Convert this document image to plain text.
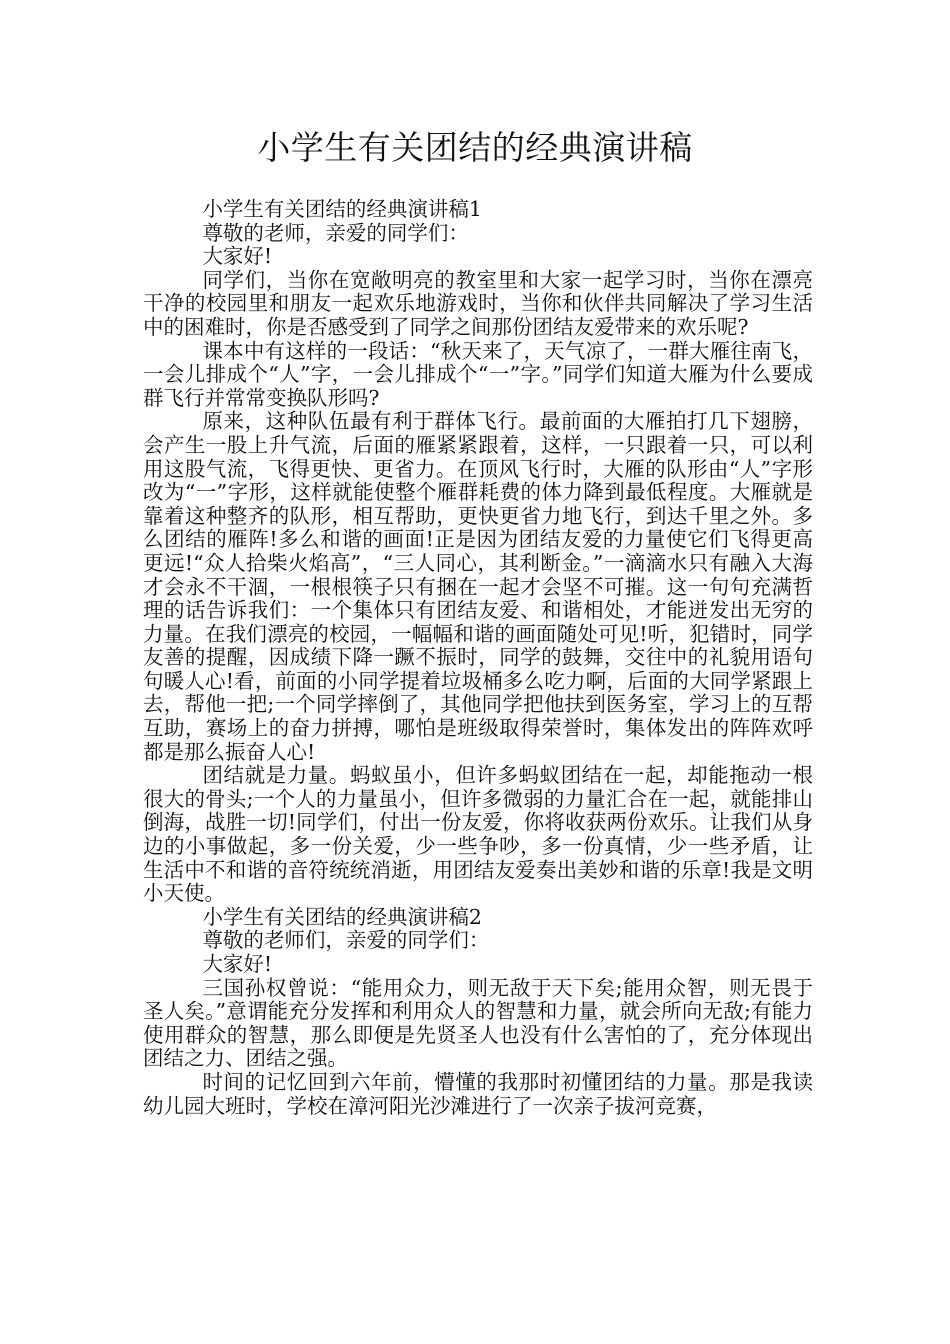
小学生有关团结的经典演讲稿

小学生有关团结的经典演讲稿1

尊敬的老师，亲爱的同学们：

大家好!

同学们，当你在宽敞明亮的教室里和大家一起学习时，当你在漂亮干净的校园里和朋友一起欢乐地游戏时，当你和伙伴共同解决了学习生活中的困难时，你是否感受到了同学之间那份团结友爱带来的欢乐呢?

课本中有这样的一段话：“秋天来了，天气凉了，一群大雁往南飞，一会儿排成个“人”字，一会儿排成个“一”字。”同学们知道大雁为什么要成群飞行并常常变换队形吗?

原来，这种队伍最有利于群体飞行。最前面的大雁拍打几下翅膀，会产生一股上升气流，后面的雁紧紧跟着，这样，一只跟着一只，可以利用这股气流，飞得更快、更省力。在顶风飞行时，大雁的队形由“人”字形改为“一”字形，这样就能使整个雁群耗费的体力降到最低程度。大雁就是靠着这种整齐的队形，相互帮助，更快更省力地飞行，到达千里之外。多么团结的雁阵!多么和谐的画面!正是因为团结友爱的力量使它们飞得更高更远!“众人拾柴火焰高”，“三人同心，其利断金。”一滴滴水只有融入大海才会永不干涸，一根根筷子只有捆在一起才会坚不可摧。这一句句充满哲理的话告诉我们：一个集体只有团结友爱、和谐相处，才能迸发出无穷的力量。在我们漂亮的校园，一幅幅和谐的画面随处可见!听，犯错时，同学友善的提醒，因成绩下降一蹶不振时，同学的鼓舞，交往中的礼貌用语句句暖人心!看，前面的小同学提着垃圾桶多么吃力啊，后面的大同学紧跟上去，帮他一把;一个同学摔倒了，其他同学把他扶到医务室，学习上的互帮互助，赛场上的奋力拼搏，哪怕是班级取得荣誉时，集体发出的阵阵欢呼都是那么振奋人心!

团结就是力量。蚂蚁虽小，但许多蚂蚁团结在一起，却能拖动一根很大的骨头;一个人的力量虽小，但许多微弱的力量汇合在一起，就能排山倒海，战胜一切!同学们，付出一份友爱，你将收获两份欢乐。让我们从身边的小事做起，多一份关爱，少一些争吵，多一份真情，少一些矛盾，让生活中不和谐的音符统统消逝，用团结友爱奏出美妙和谐的乐章!我是文明小天使。

小学生有关团结的经典演讲稿2

尊敬的老师们，亲爱的同学们：

大家好!

三国孙权曾说：“能用众力，则无敌于天下矣;能用众智，则无畏于圣人矣。”意谓能充分发挥和利用众人的智慧和力量，就会所向无敌;有能力使用群众的智慧，那么即便是先贤圣人也没有什么害怕的了，充分体现出团结之力、团结之强。

时间的记忆回到六年前，懵懂的我那时初懂团结的力量。那是我读幼儿园大班时，学校在漳河阳光沙滩进行了一次亲子拔河竞赛，
